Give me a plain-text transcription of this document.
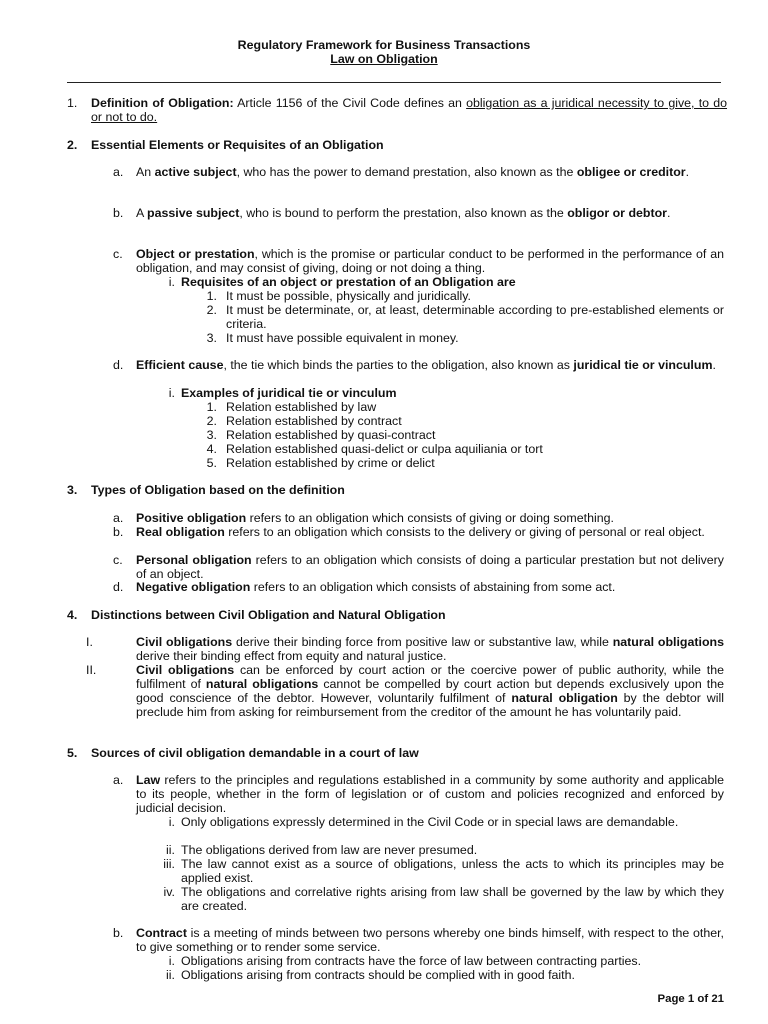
Regulatory Framework for Business Transactions
Law on Obligation
1. Definition of Obligation: Article 1156 of the Civil Code defines an obligation as a juridical necessity to give, to do or not to do.
2. Essential Elements or Requisites of an Obligation
a. An active subject, who has the power to demand prestation, also known as the obligee or creditor.
b. A passive subject, who is bound to perform the prestation, also known as the obligor or debtor.
c. Object or prestation, which is the promise or particular conduct to be performed in the performance of an obligation, and may consist of giving, doing or not doing a thing.
i. Requisites of an object or prestation of an Obligation are
1. It must be possible, physically and juridically.
2. It must be determinate, or, at least, determinable according to pre-established elements or criteria.
3. It must have possible equivalent in money.
d. Efficient cause, the tie which binds the parties to the obligation, also known as juridical tie or vinculum.
i. Examples of juridical tie or vinculum
1. Relation established by law
2. Relation established by contract
3. Relation established by quasi-contract
4. Relation established quasi-delict or culpa aquiliania or tort
5. Relation established by crime or delict
3. Types of Obligation based on the definition
a. Positive obligation refers to an obligation which consists of giving or doing something.
b. Real obligation refers to an obligation which consists to the delivery or giving of personal or real object.
c. Personal obligation refers to an obligation which consists of doing a particular prestation but not delivery of an object.
d. Negative obligation refers to an obligation which consists of abstaining from some act.
4. Distinctions between Civil Obligation and Natural Obligation
I.	Civil obligations derive their binding force from positive law or substantive law, while natural obligations derive their binding effect from equity and natural justice.
II.	Civil obligations can be enforced by court action or the coercive power of public authority, while the fulfilment of natural obligations cannot be compelled by court action but depends exclusively upon the good conscience of the debtor. However, voluntarily fulfilment of natural obligation by the debtor will preclude him from asking for reimbursement from the creditor of the amount he has voluntarily paid.
5. Sources of civil obligation demandable in a court of law
a. Law refers to the principles and regulations established in a community by some authority and applicable to its people, whether in the form of legislation or of custom and policies recognized and enforced by judicial decision.
i. Only obligations expressly determined in the Civil Code or in special laws are demandable.
ii. The obligations derived from law are never presumed.
iii. The law cannot exist as a source of obligations, unless the acts to which its principles may be applied exist.
iv. The obligations and correlative rights arising from law shall be governed by the law by which they are created.
b. Contract is a meeting of minds between two persons whereby one binds himself, with respect to the other, to give something or to render some service.
i. Obligations arising from contracts have the force of law between contracting parties.
ii. Obligations arising from contracts should be complied with in good faith.
Page 1 of 21
